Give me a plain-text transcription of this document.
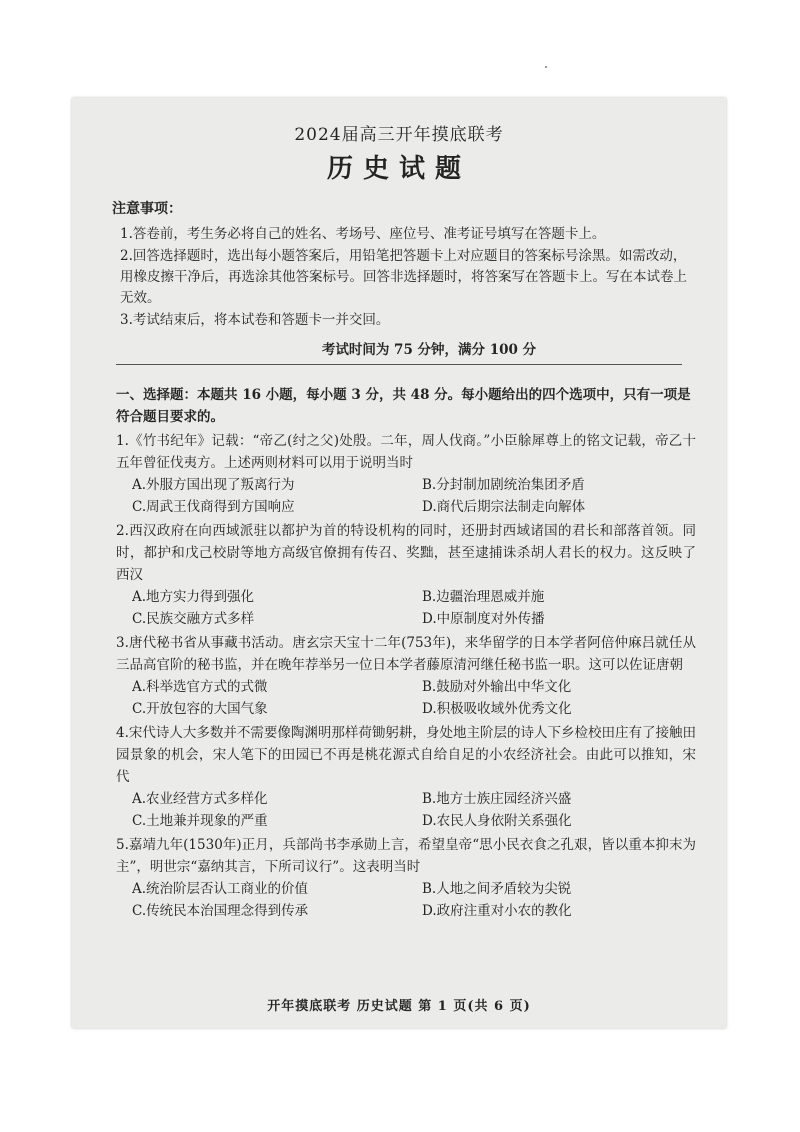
2024届高三开年摸底联考
历史试题
注意事项：
1.答卷前，考生务必将自己的姓名、考场号、座位号、准考证号填写在答题卡上。
2.回答选择题时，选出每小题答案后，用铅笔把答题卡上对应题目的答案标号涂黑。如需改动，用橡皮擦干净后，再选涂其他答案标号。回答非选择题时，将答案写在答题卡上。写在本试卷上无效。
3.考试结束后，将本试卷和答题卡一并交回。
考试时间为 75 分钟，满分 100 分
一、选择题：本题共 16 小题，每小题 3 分，共 48 分。每小题给出的四个选项中，只有一项是符合题目要求的。
1.《竹书纪年》记载：“帝乙(纣之父)处殷。二年，周人伐商。”小臣艅犀尊上的铭文记载，帝乙十五年曾征伐夷方。上述两则材料可以用于说明当时
A.外服方国出现了叛离行为	B.分封制加剧统治集团矛盾
C.周武王伐商得到方国响应	D.商代后期宗法制走向解体
2.西汉政府在向西域派驻以都护为首的特设机构的同时，还册封西域诸国的君长和部落首领。同时，都护和戊己校尉等地方高级官僚拥有传召、奖黜，甚至逮捕诛杀胡人君长的权力。这反映了西汉
A.地方实力得到强化	B.边疆治理恩威并施
C.民族交融方式多样	D.中原制度对外传播
3.唐代秘书省从事藏书活动。唐玄宗天宝十二年(753年)，来华留学的日本学者阿倍仲麻吕就任从三品高官阶的秘书监，并在晚年荐举另一位日本学者藤原清河继任秘书监一职。这可以佐证唐朝
A.科举选官方式的式微	B.鼓励对外输出中华文化
C.开放包容的大国气象	D.积极吸收域外优秀文化
4.宋代诗人大多数并不需要像陶渊明那样荷锄躬耕，身处地主阶层的诗人下乡检校田庄有了接触田园景象的机会，宋人笔下的田园已不再是桃花源式自给自足的小农经济社会。由此可以推知，宋代
A.农业经营方式多样化	B.地方士族庄园经济兴盛
C.土地兼并现象的严重	D.农民人身依附关系强化
5.嘉靖九年(1530年)正月，兵部尚书李承勋上言，希望皇帝“思小民衣食之孔艰，皆以重本抑末为主”，明世宗“嘉纳其言，下所司议行”。这表明当时
A.统治阶层否认工商业的价值	B.人地之间矛盾较为尖锐
C.传统民本治国理念得到传承	D.政府注重对小农的教化
开年摸底联考 历史试题 第 1 页(共 6 页)
